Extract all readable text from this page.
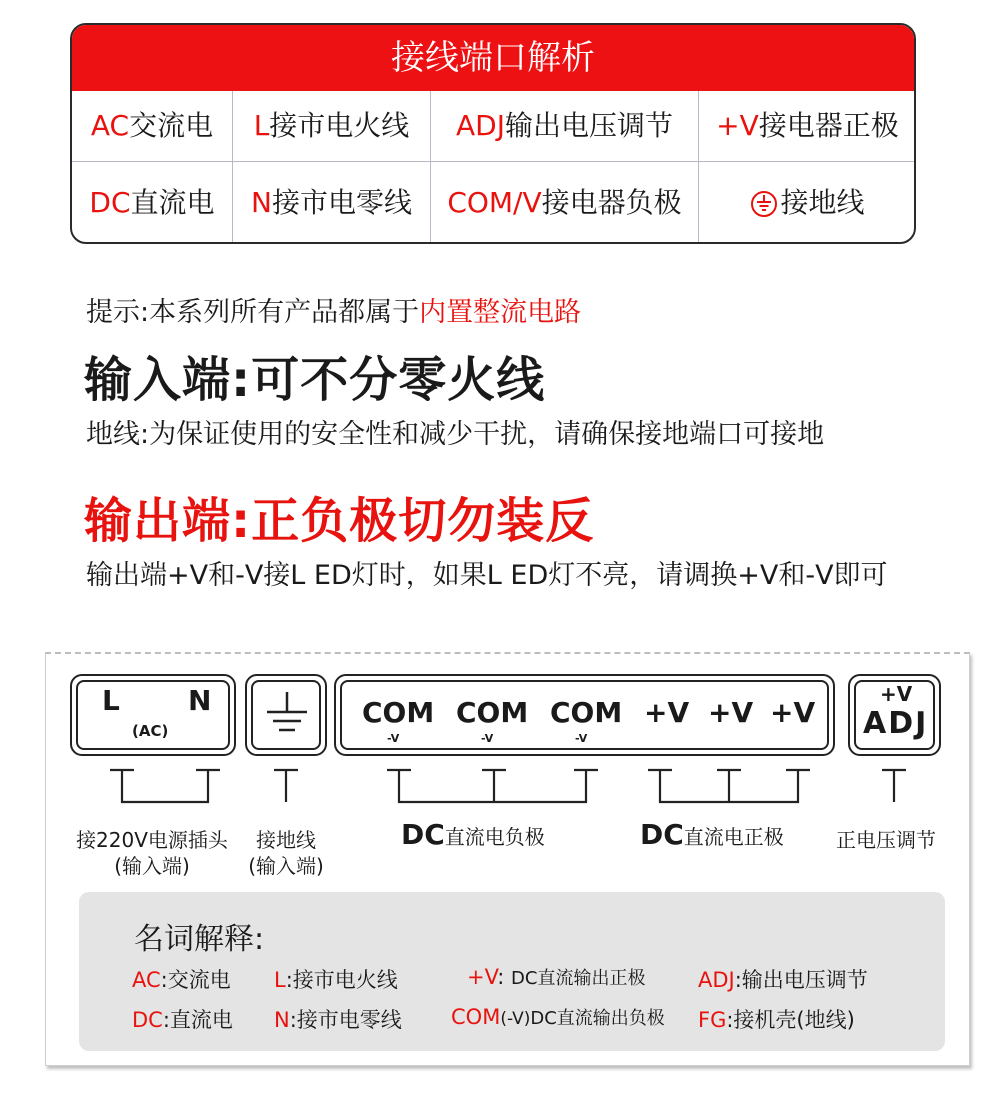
接线端口解析
AC交流电	L接市电火线	ADJ输出电压调节	+V接电器正极
DC直流电	N接市电零线	COM/V接电器负极	接地线
提示:本系列所有产品都属于内置整流电路
输入端:可不分零火线
地线:为保证使用的安全性和减少干扰，请确保接地端口可接地
输出端:正负极切勿装反
输出端+V和-V接L ED灯时，如果L ED灯不亮，请调换+V和-V即可
L N
(AC)
COM
-V
COM
-V
COM
-V
+V +V +V
+V
ADJ
接220V电源插头
(输入端)
接地线
(输入端)
DC直流电负极	DC直流电正极	正电压调节
名词解释:
AC:交流电 L:接市电火线	+V: DC直流输出正极	ADJ:输出电压调节
DC:直流电 N:接市电零线 COM(-V)DC直流输出负极 FG:接机壳(地线)
